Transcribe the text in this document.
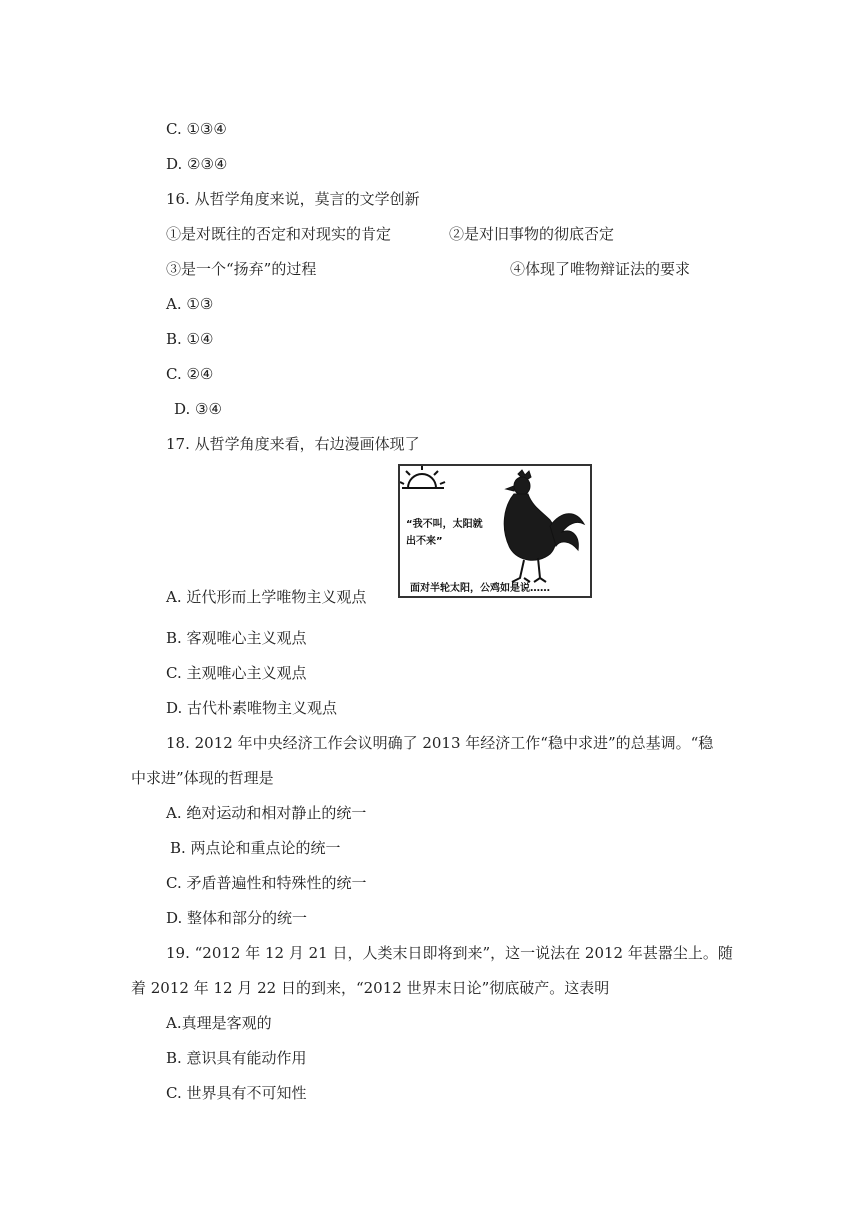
C. ①③④
D. ②③④
16. 从哲学角度来说，莫言的文学创新
①是对既往的否定和对现实的肯定	②是对旧事物的彻底否定
③是一个“扬弃”的过程	④体现了唯物辩证法的要求
A. ①③
B. ①④
C. ②④
D. ③④
17. 从哲学角度来看，右边漫画体现了
“我不叫，太阳就出不来”
面对半轮太阳，公鸡如是说……
A. 近代形而上学唯物主义观点
B. 客观唯心主义观点
C. 主观唯心主义观点
D. 古代朴素唯物主义观点
18. 2012 年中央经济工作会议明确了 2013 年经济工作“稳中求进”的总基调。“稳
中求进”体现的哲理是
A. 绝对运动和相对静止的统一
B. 两点论和重点论的统一
C. 矛盾普遍性和特殊性的统一
D. 整体和部分的统一
19. “2012 年 12 月 21 日，人类末日即将到来”，这一说法在 2012 年甚嚣尘上。随
着 2012 年 12 月 22 日的到来，“2012 世界末日论”彻底破产。这表明
A.真理是客观的
B. 意识具有能动作用
C. 世界具有不可知性
